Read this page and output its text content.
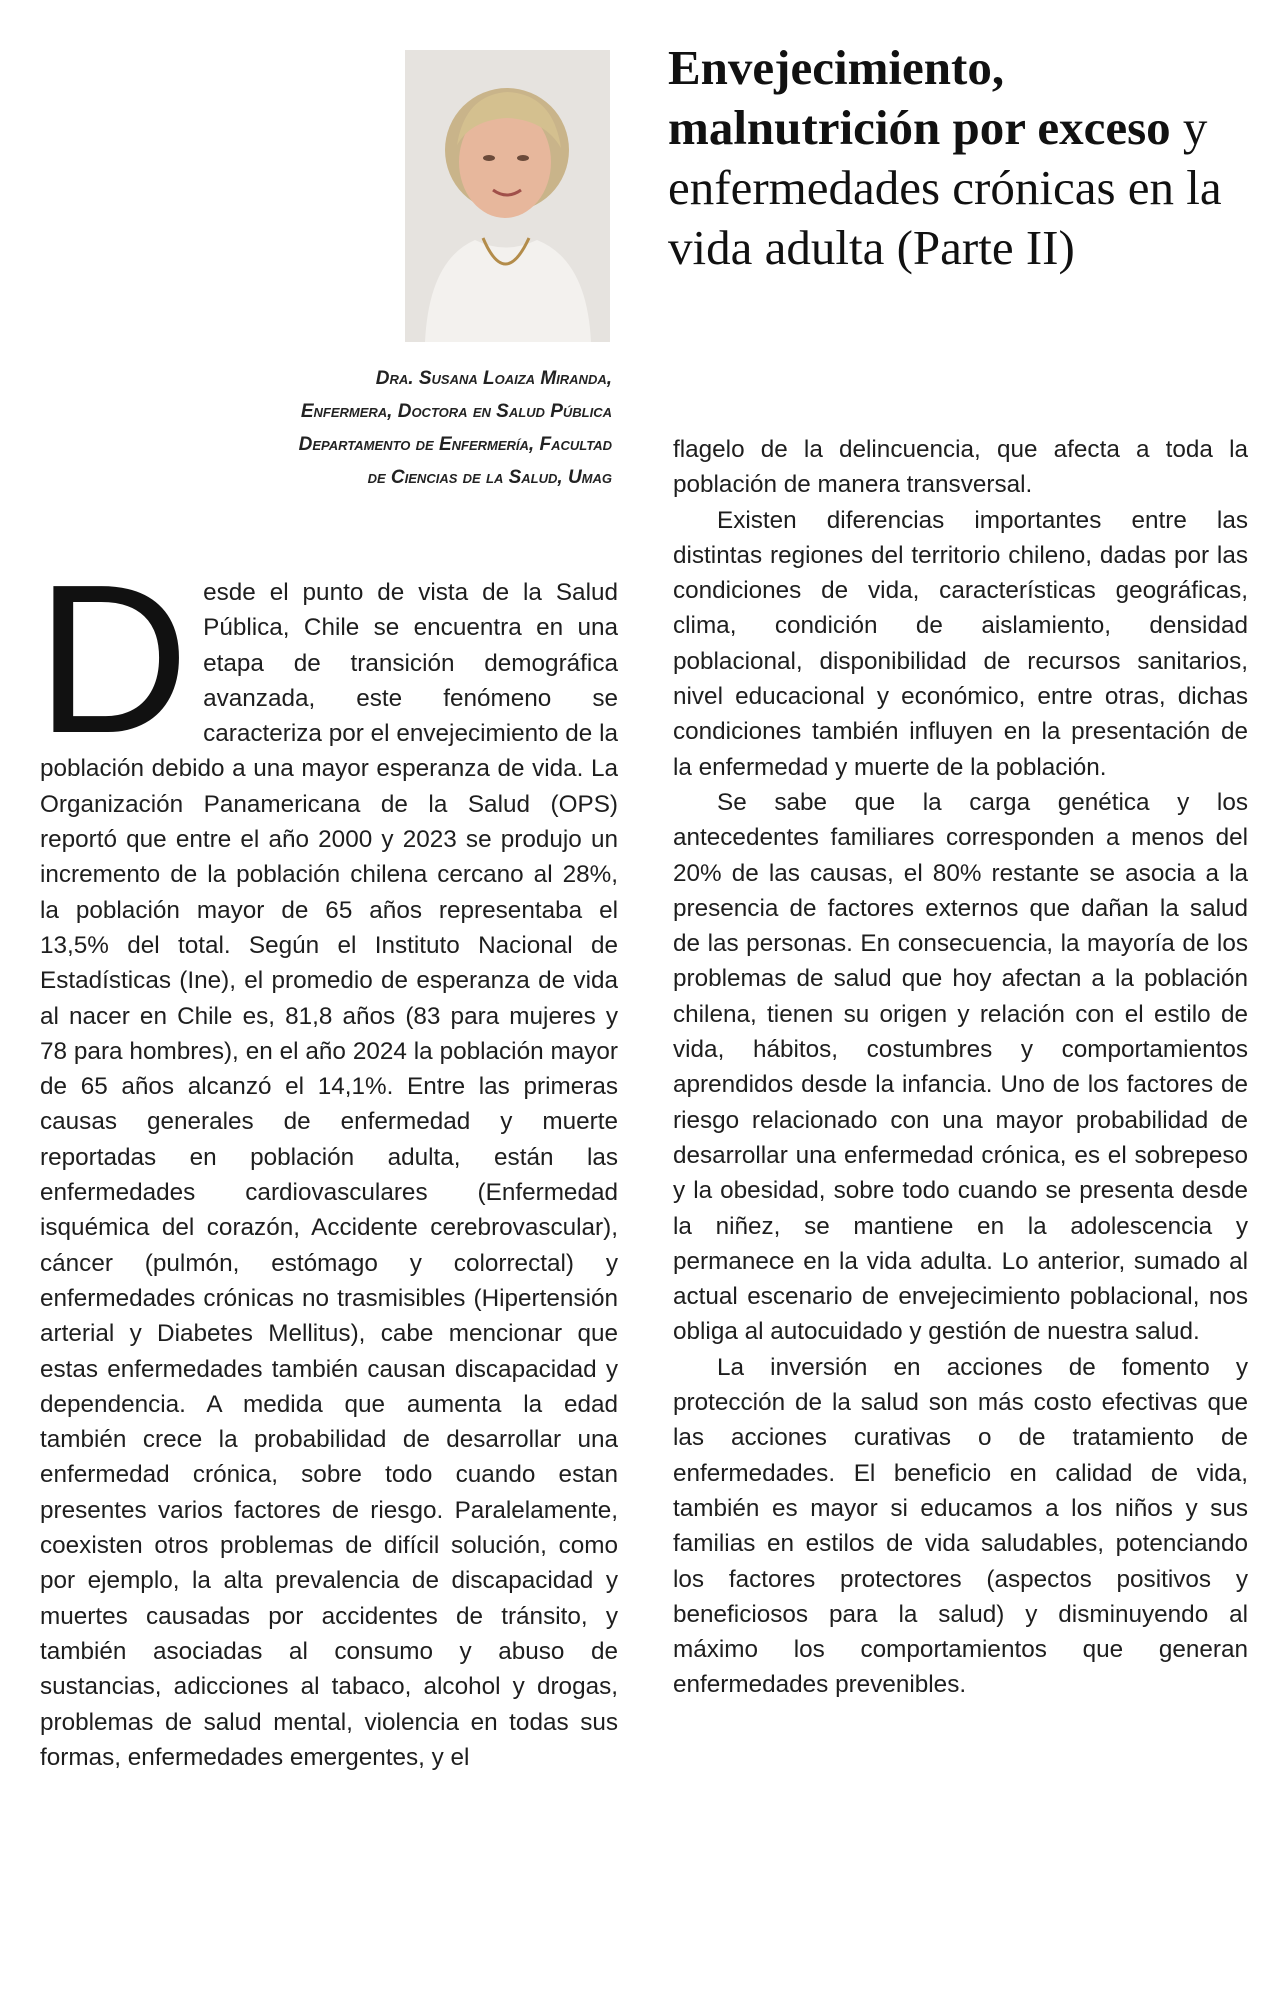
Envejecimiento, malnutrición por exceso y enfermedades crónicas en la vida adulta (Parte II)
Dra. Susana Loaiza Miranda,
Enfermera, Doctora en Salud Pública
Departamento de Enfermería, Facultad
de Ciencias de la Salud, Umag
D esde el punto de vista de la Salud Pública, Chile se encuentra en una etapa de transición demográfica avanzada, este fenómeno se caracteriza por el envejecimiento de la población debido a una mayor esperanza de vida. La Organización Panamericana de la Salud (OPS) reportó que entre el año 2000 y 2023 se produjo un incremento de la población chilena cercano al 28%, la población mayor de 65 años representaba el 13,5% del total. Según el Instituto Nacional de Estadísticas (Ine), el promedio de esperanza de vida al nacer en Chile es, 81,8 años (83 para mujeres y 78 para hombres), en el año 2024 la población mayor de 65 años alcanzó el 14,1%. Entre las primeras causas generales de enfermedad y muerte reportadas en población adulta, están las enfermedades cardiovasculares (Enfermedad isquémica del corazón, Accidente cerebrovascular), cáncer (pulmón, estómago y colorrectal) y enfermedades crónicas no trasmisibles (Hipertensión arterial y Diabetes Mellitus), cabe mencionar que estas enfermedades también causan discapacidad y dependencia. A medida que aumenta la edad también crece la probabilidad de desarrollar una enfermedad crónica, sobre todo cuando estan presentes varios factores de riesgo. Paralelamente, coexisten otros problemas de difícil solución, como por ejemplo, la alta prevalencia de discapacidad y muertes causadas por accidentes de tránsito, y también asociadas al consumo y abuso de sustancias, adicciones al tabaco, alcohol y drogas, problemas de salud mental, violencia en todas sus formas, enfermedades emergentes, y el

flagelo de la delincuencia, que afecta a toda la población de manera transversal.

Existen diferencias importantes entre las distintas regiones del territorio chileno, dadas por las condiciones de vida, características geográficas, clima, condición de aislamiento, densidad poblacional, disponibilidad de recursos sanitarios, nivel educacional y económico, entre otras, dichas condiciones también influyen en la presentación de la enfermedad y muerte de la población.

Se sabe que la carga genética y los antecedentes familiares corresponden a menos del 20% de las causas, el 80% restante se asocia a la presencia de factores externos que dañan la salud de las personas. En consecuencia, la mayoría de los problemas de salud que hoy afectan a la población chilena, tienen su origen y relación con el estilo de vida, hábitos, costumbres y comportamientos aprendidos desde la infancia. Uno de los factores de riesgo relacionado con una mayor probabilidad de desarrollar una enfermedad crónica, es el sobrepeso y la obesidad, sobre todo cuando se presenta desde la niñez, se mantiene en la adolescencia y permanece en la vida adulta. Lo anterior, sumado al actual escenario de envejecimiento poblacional, nos obliga al autocuidado y gestión de nuestra salud.

La inversión en acciones de fomento y protección de la salud son más costo efectivas que las acciones curativas o de tratamiento de enfermedades. El beneficio en calidad de vida, también es mayor si educamos a los niños y sus familias en estilos de vida saludables, potenciando los factores protectores (aspectos positivos y beneficiosos para la salud) y disminuyendo al máximo los comportamientos que generan enfermedades prevenibles.
